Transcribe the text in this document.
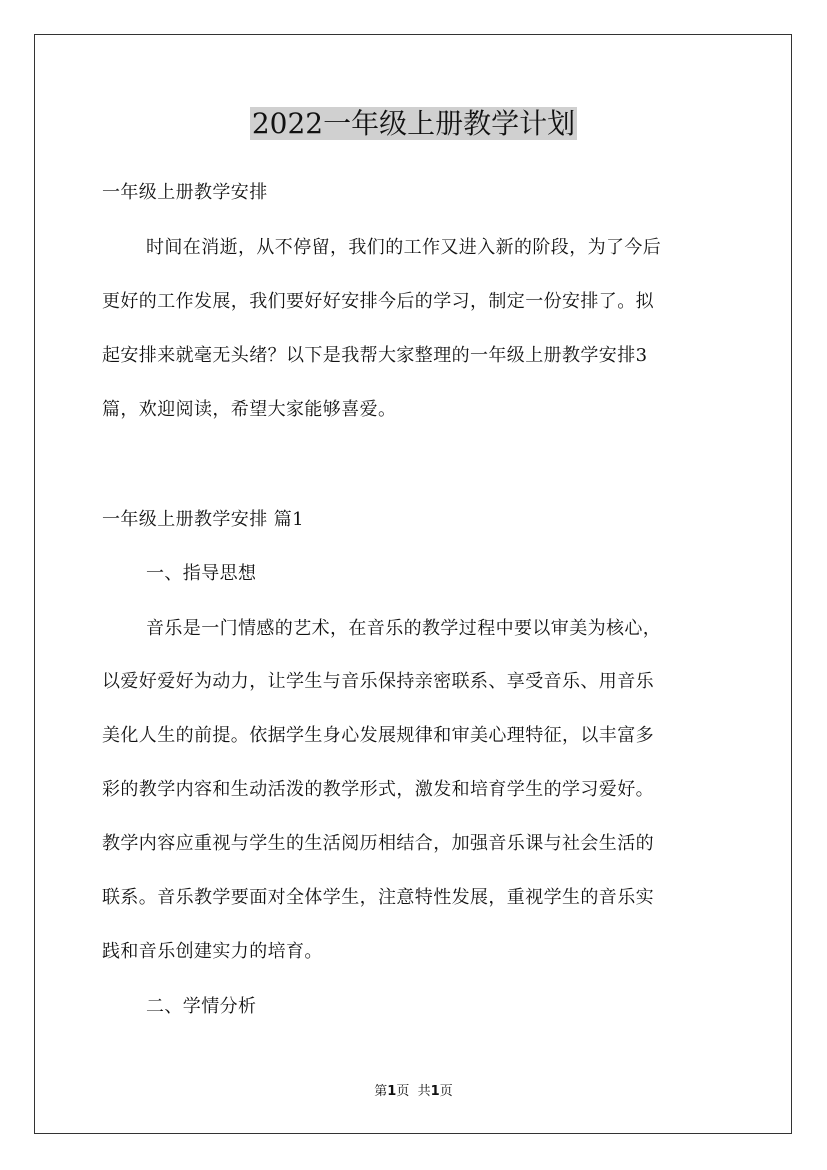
2022一年级上册教学计划
一年级上册教学安排
时间在消逝，从不停留，我们的工作又进入新的阶段，为了今后
更好的工作发展，我们要好好安排今后的学习，制定一份安排了。拟
起安排来就毫无头绪？以下是我帮大家整理的一年级上册教学安排3
篇，欢迎阅读，希望大家能够喜爱。
一年级上册教学安排 篇1
一、指导思想
音乐是一门情感的艺术，在音乐的教学过程中要以审美为核心，
以爱好爱好为动力，让学生与音乐保持亲密联系、享受音乐、用音乐
美化人生的前提。依据学生身心发展规律和审美心理特征，以丰富多
彩的教学内容和生动活泼的教学形式，激发和培育学生的学习爱好。
教学内容应重视与学生的生活阅历相结合，加强音乐课与社会生活的
联系。音乐教学要面对全体学生，注意特性发展，重视学生的音乐实
践和音乐创建实力的培育。
二、学情分析
第1页 共1页
